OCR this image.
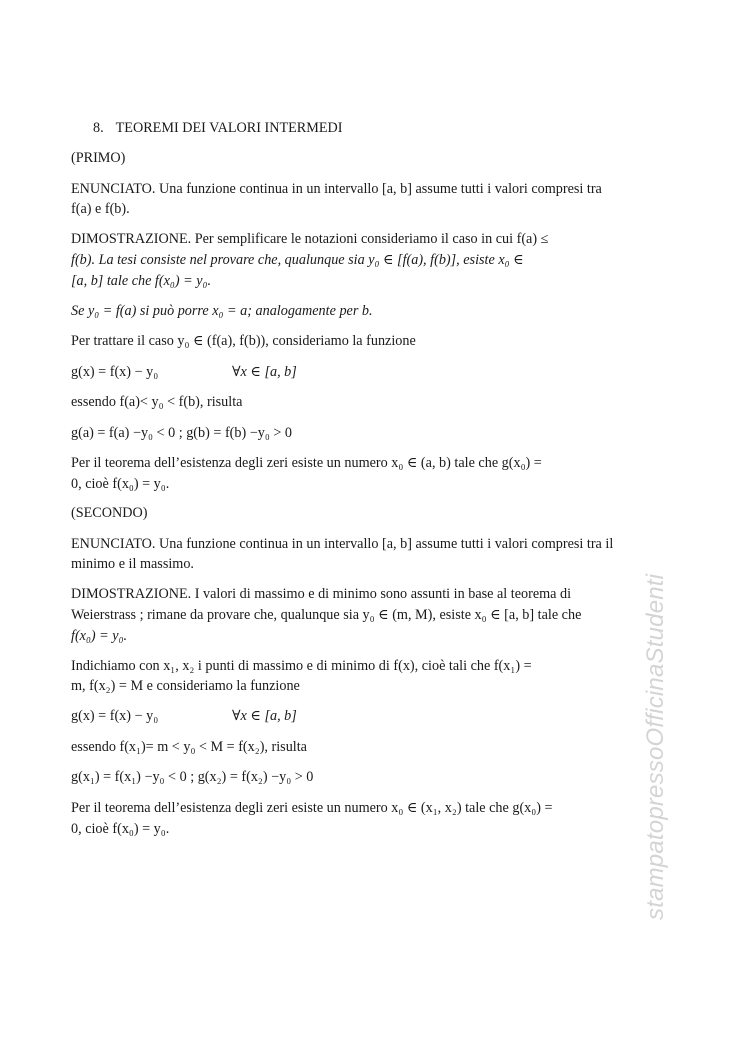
8. TEOREMI DEI VALORI INTERMEDI
(PRIMO)
ENUNCIATO. Una funzione continua in un intervallo [a, b] assume tutti i valori compresi tra
f(a) e f(b).
DIMOSTRAZIONE. Per semplificare le notazioni consideriamo il caso in cui f(a) ≤
f(b). La tesi consiste nel provare che, qualunque sia y₀ ∈ [f(a), f(b)], esiste x₀ ∈
[a, b] tale che f(x₀) = y₀.
Se y₀ = f(a) si può porre x₀ = a; analogamente per b.
Per trattare il caso y₀ ∈ (f(a), f(b)), consideriamo la funzione
g(x) = f(x) − y₀	∀x ∈ [a, b]
essendo f(a)< y₀ < f(b), risulta
g(a) = f(a) −y₀ < 0 ; g(b) = f(b) −y₀ > 0
Per il teorema dell’esistenza degli zeri esiste un numero x₀ ∈ (a, b) tale che g(x₀) =
0, cioè f(x₀) = y₀.
(SECONDO)
ENUNCIATO. Una funzione continua in un intervallo [a, b] assume tutti i valori compresi tra il
minimo e il massimo.
DIMOSTRAZIONE. I valori di massimo e di minimo sono assunti in base al teorema di
Weierstrass ; rimane da provare che, qualunque sia y₀ ∈ (m, M), esiste x₀ ∈ [a, b] tale che
f(x₀) = y₀.
Indichiamo con x₁, x₂ i punti di massimo e di minimo di f(x), cioè tali che f(x₁) =
m, f(x₂) = M e consideriamo la funzione
g(x) = f(x) − y₀	∀x ∈ [a, b]
essendo f(x₁)= m < y₀ < M = f(x₂), risulta
g(x₁) = f(x₁) −y₀ < 0 ; g(x₂) = f(x₂) −y₀ > 0
Per il teorema dell’esistenza degli zeri esiste un numero x₀ ∈ (x₁, x₂) tale che g(x₀) =
0, cioè f(x₀) = y₀.	stampatopressoOfficinaStudenti
